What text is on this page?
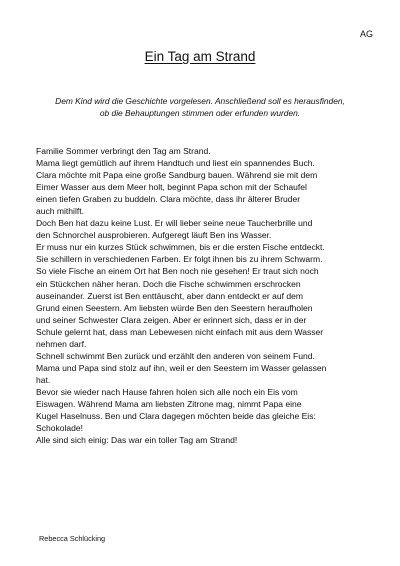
AG
Ein Tag am Strand
Dem Kind wird die Geschichte vorgelesen. Anschließend soll es herausfinden,
ob die Behauptungen stimmen oder erfunden wurden.
Familie Sommer verbringt den Tag am Strand.
Mama liegt gemütlich auf ihrem Handtuch und liest ein spannendes Buch.
Clara möchte mit Papa eine große Sandburg bauen. Während sie mit dem
Eimer Wasser aus dem Meer holt, beginnt Papa schon mit der Schaufel
einen tiefen Graben zu buddeln. Clara möchte, dass ihr älterer Bruder
auch mithilft.
Doch Ben hat dazu keine Lust. Er will lieber seine neue Taucherbrille und
den Schnorchel ausprobieren. Aufgeregt läuft Ben ins Wasser.
Er muss nur ein kurzes Stück schwimmen, bis er die ersten Fische entdeckt.
Sie schillern in verschiedenen Farben. Er folgt ihnen bis zu ihrem Schwarm.
So viele Fische an einem Ort hat Ben noch nie gesehen! Er traut sich noch
ein Stückchen näher heran. Doch die Fische schwimmen erschrocken
auseinander. Zuerst ist Ben enttäuscht, aber dann entdeckt er auf dem
Grund einen Seestern. Am liebsten würde Ben den Seestern heraufholen
und seiner Schwester Clara zeigen. Aber er erinnert sich, dass er in der
Schule gelernt hat, dass man Lebewesen nicht einfach mit aus dem Wasser
nehmen darf.
Schnell schwimmt Ben zurück und erzählt den anderen von seinem Fund.
Mama und Papa sind stolz auf ihn, weil er den Seestern im Wasser gelassen
hat.
Bevor sie wieder nach Hause fahren holen sich alle noch ein Eis vom
Eiswagen. Während Mama am liebsten Zitrone mag, nimmt Papa eine
Kugel Haselnuss. Ben und Clara dagegen möchten beide das gleiche Eis:
Schokolade!
Alle sind sich einig: Das war ein toller Tag am Strand!
Rebecca Schlücking
